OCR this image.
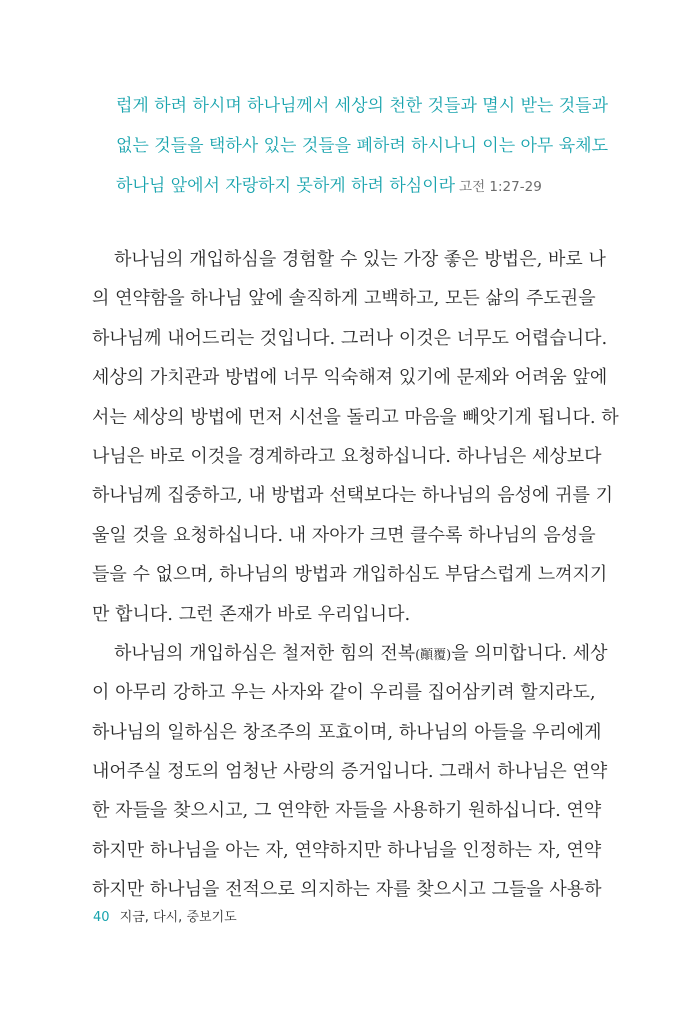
럽게 하려 하시며 하나님께서 세상의 천한 것들과 멸시 받는 것들과
없는 것들을 택하사 있는 것들을 폐하려 하시나니 이는 아무 육체도
하나님 앞에서 자랑하지 못하게 하려 하심이라 고전 1:27-29
하나님의 개입하심을 경험할 수 있는 가장 좋은 방법은, 바로 나
의 연약함을 하나님 앞에 솔직하게 고백하고, 모든 삶의 주도권을
하나님께 내어드리는 것입니다. 그러나 이것은 너무도 어렵습니다.
세상의 가치관과 방법에 너무 익숙해져 있기에 문제와 어려움 앞에
서는 세상의 방법에 먼저 시선을 돌리고 마음을 빼앗기게 됩니다. 하
나님은 바로 이것을 경계하라고 요청하십니다. 하나님은 세상보다
하나님께 집중하고, 내 방법과 선택보다는 하나님의 음성에 귀를 기
울일 것을 요청하십니다. 내 자아가 크면 클수록 하나님의 음성을
들을 수 없으며, 하나님의 방법과 개입하심도 부담스럽게 느껴지기
만 합니다. 그런 존재가 바로 우리입니다.
하나님의 개입하심은 철저한 힘의 전복(顚覆)을 의미합니다. 세상
이 아무리 강하고 우는 사자와 같이 우리를 집어삼키려 할지라도,
하나님의 일하심은 창조주의 포효이며, 하나님의 아들을 우리에게
내어주실 정도의 엄청난 사랑의 증거입니다. 그래서 하나님은 연약
한 자들을 찾으시고, 그 연약한 자들을 사용하기 원하십니다. 연약
하지만 하나님을 아는 자, 연약하지만 하나님을 인정하는 자, 연약
하지만 하나님을 전적으로 의지하는 자를 찾으시고 그들을 사용하
40 지금, 다시, 중보기도
